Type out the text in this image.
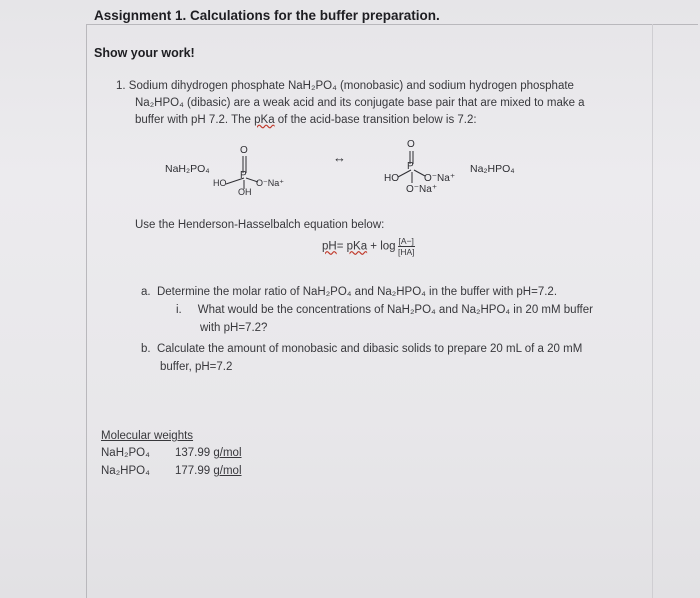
Assignment 1. Calculations for the buffer preparation.
Show your work!
1. Sodium dihydrogen phosphate NaH₂PO₄ (monobasic) and sodium hydrogen phosphate
Na₂HPO₄ (dibasic) are a weak acid and its conjugate base pair that are mixed to make a
buffer with pH 7.2. The pKa of the acid-base transition below is 7.2:
NaH₂PO₄
O
P
HO	O⁻Na⁺
OH
↔
O
P
HO	O⁻Na⁺
O⁻Na⁺
Na₂HPO₄
Use the Henderson-Hasselbalch equation below:
pH= pKa + $\log \frac{[A-]}{[HA]}$
a. Determine the molar ratio of NaH₂PO₄ and Na₂HPO₄ in the buffer with pH=7.2.
i. What would be the concentrations of NaH₂PO₄ and Na₂HPO₄ in 20 mM buffer
with pH=7.2?
b. Calculate the amount of monobasic and dibasic solids to prepare 20 mL of a 20 mM
buffer, pH=7.2
Molecular weights
NaH₂PO₄ 137.99 g/mol
Na₂HPO₄ 177.99 g/mol
